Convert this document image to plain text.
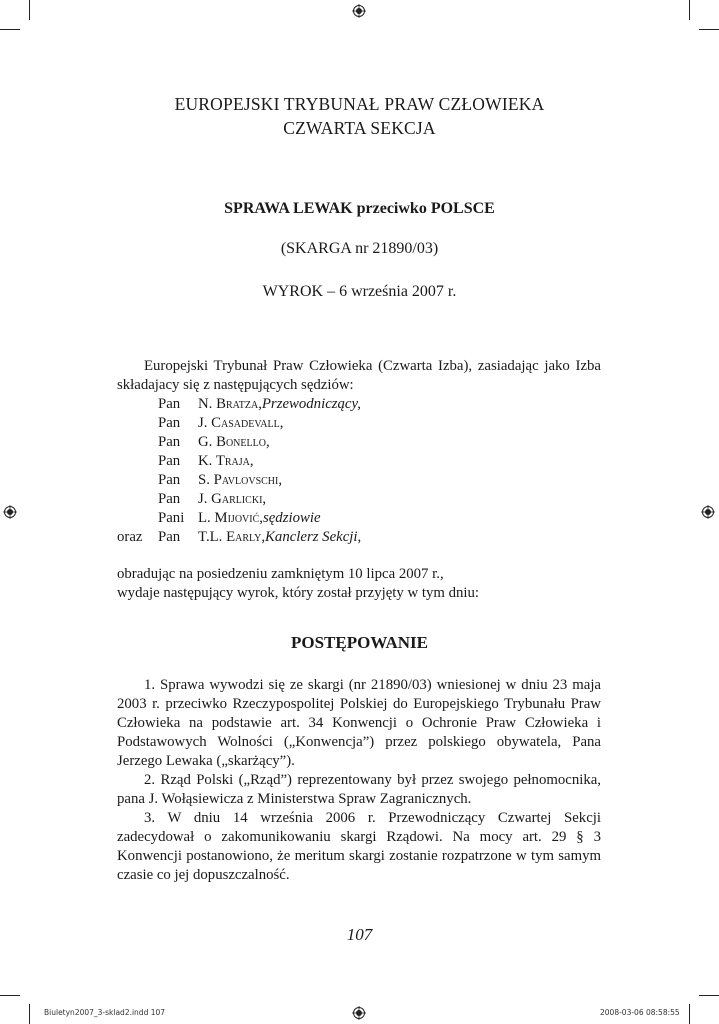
EUROPEJSKI TRYBUNAŁ PRAW CZŁOWIEKA
CZWARTA SEKCJA
SPRAWA LEWAK przeciwko POLSCE
(SKARGA nr 21890/03)
WYROK – 6 września 2007 r.
Europejski Trybunał Praw Człowieka (Czwarta Izba), zasiadając jako Izba składajacy się z następujących sędziów:
Pan	N. Bratza , Przewodniczący,
Pan	J. Casadevall,
Pan	G. Bonello,
Pan	K. Traja,
Pan	S. Pavlovschi,
Pan	J. Garlicki,
Pani L. Mijović , sędziowie
oraz	Pan	T.L. Early , Kanclerz Sekcji ,
obradując na posiedzeniu zamkniętym 10 lipca 2007 r.,
wydaje następujący wyrok, który został przyjęty w tym dniu:
POSTĘPOWANIE
1. Sprawa wywodzi się ze skargi (nr 21890/03) wniesionej w dniu 23 maja 2003 r. przeciwko Rzeczypospolitej Polskiej do Europejskiego Trybunału Praw Człowieka na podstawie art. 34 Konwencji o Ochronie Praw Człowieka i Podstawowych Wolności („Konwencja”) przez polskiego obywatela, Pana Jerzego Lewaka („skarżący”).
2. Rząd Polski („Rząd”) reprezentowany był przez swojego pełnomocnika, pana J. Wołąsiewicza z Ministerstwa Spraw Zagranicznych.
3. W dniu 14 września 2006 r. Przewodniczący Czwartej Sekcji zadecydował o zakomunikowaniu skargi Rządowi. Na mocy art. 29 § 3 Konwencji postanowiono, że meritum skargi zostanie rozpatrzone w tym samym czasie co jej dopuszczalność.
107
Biuletyn2007_3-sklad2.indd 107	2008-03-06 08:58:55
